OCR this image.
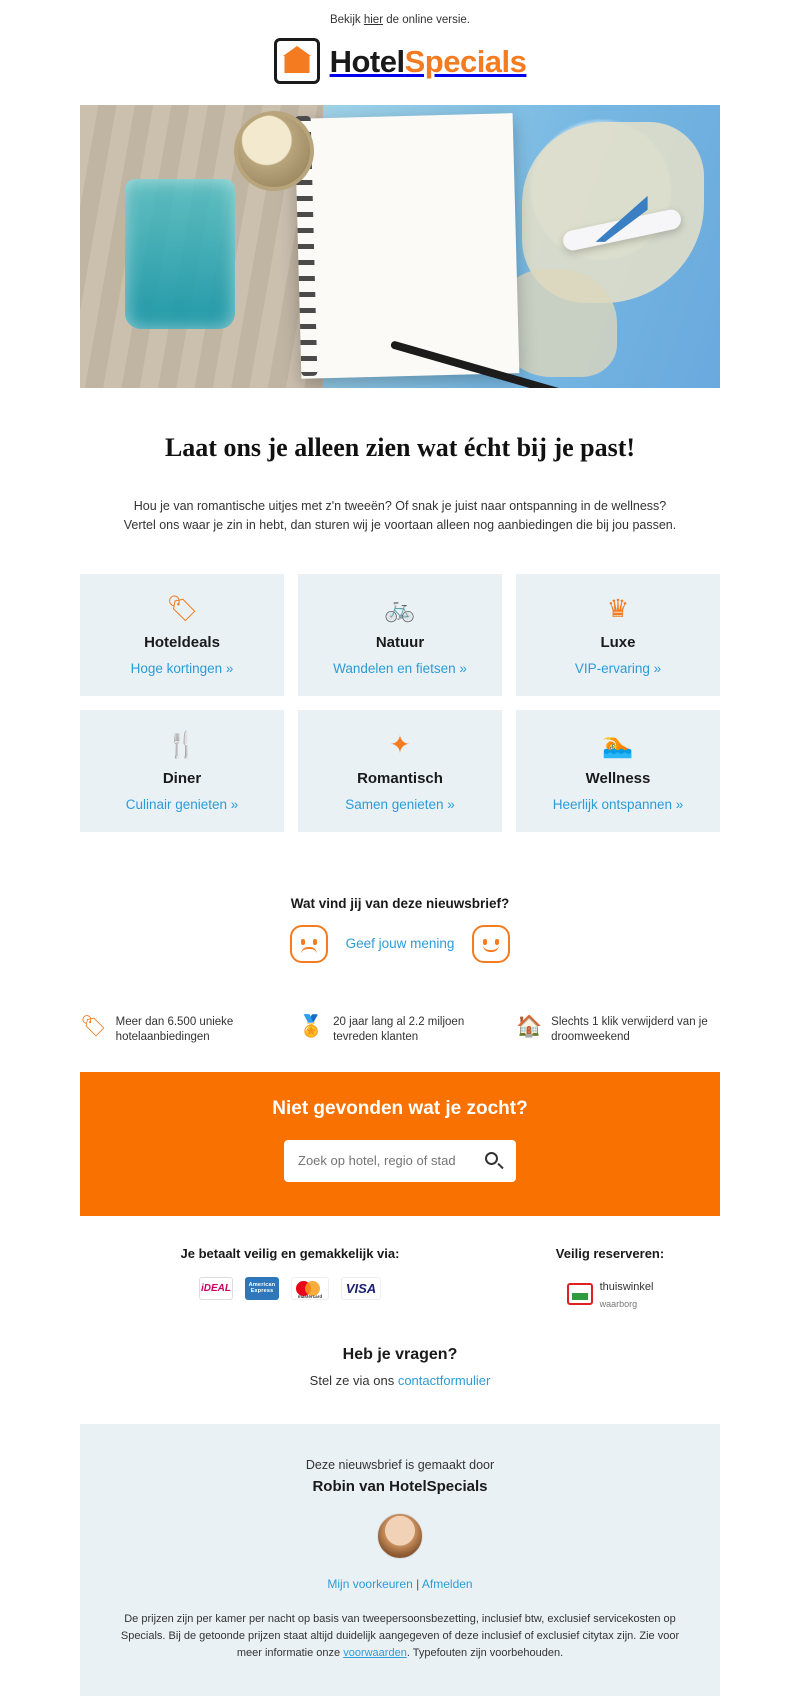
Bekijk hier de online versie.
HotelSpecials
Laat ons je alleen zien wat écht bij je past!
Hou je van romantische uitjes met z'n tweeën? Of snak je juist naar ontspanning in de wellness?
Vertel ons waar je zin in hebt, dan sturen wij je voortaan alleen nog aanbiedingen die bij jou passen.
🏷
Hoteldeals
Hoge kortingen »
🚲
Natuur
Wandelen en fietsen »
♛
Luxe
VIP-ervaring »
🍴
Diner
Culinair genieten »
✦
Romantisch
Samen genieten »
🏊
Wellness
Heerlijk ontspannen »
Wat vind jij van deze nieuwsbrief?
Geef jouw mening
🏷 Meer dan 6.500 unieke hotelaanbiedingen	🏅 20 jaar lang al 2.2 miljoen tevreden klanten	🏠 Slechts 1 klik verwijderd van je droomweekend
Niet gevonden wat je zocht?
Zoek op hotel, regio of stad
Je betaalt veilig en gemakkelijk via:
iDEAL	American Express
mastercard
VISA
Veilig reserveren:
thuiswinkel
waarborg
Heb je vragen?
Stel ze via ons contactformulier
Deze nieuwsbrief is gemaakt door
Robin van HotelSpecials
Mijn voorkeuren | Afmelden
De prijzen zijn per kamer per nacht op basis van tweepersoonsbezetting, inclusief btw, exclusief servicekosten op Specials. Bij de getoonde prijzen staat altijd duidelijk aangegeven of deze inclusief of exclusief citytax zijn. Zie voor meer informatie onze voorwaarden. Typefouten zijn voorbehouden.
